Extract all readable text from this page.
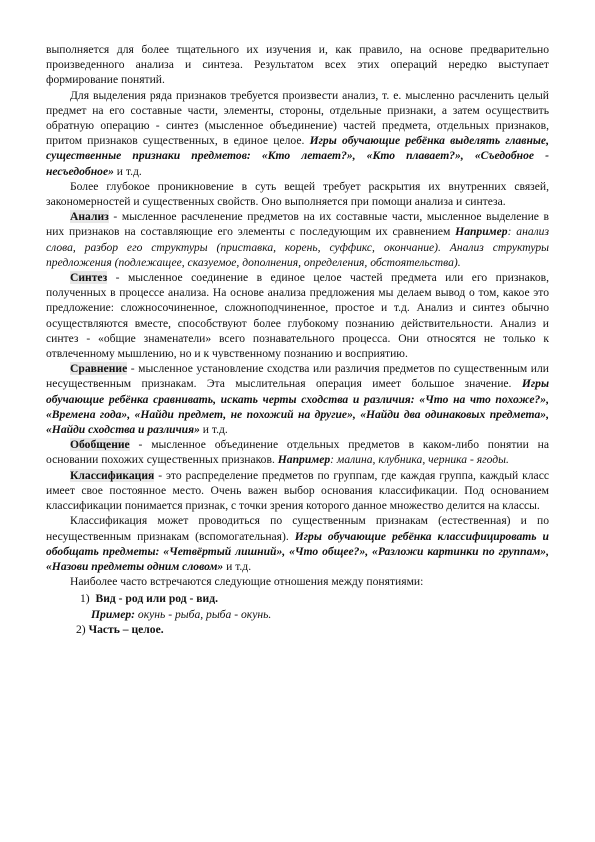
выполняется для более тщательного их изучения и, как правило, на основе предварительно произведенного анализа и синтеза. Результатом всех этих операций нередко выступает формирование понятий.

Для выделения ряда признаков требуется произвести анализ, т. е. мысленно расчленить целый предмет на его составные части, элементы, стороны, отдельные признаки, а затем осуществить обратную операцию - синтез (мысленное объединение) частей предмета, отдельных признаков, притом признаков существенных, в единое целое. Игры обучающие ребёнка выделять главные, существенные признаки предметов: «Кто летает?», «Кто плавает?», «Съедобное - несъедобное» и т.д.

Более глубокое проникновение в суть вещей требует раскрытия их внутренних связей, закономерностей и существенных свойств. Оно выполняется при помощи анализа и синтеза.

Анализ - мысленное расчленение предметов на их составные части, мысленное выделение в них признаков на составляющие его элементы с последующим их сравнением Например: анализ слова, разбор его структуры (приставка, корень, суффикс, окончание). Анализ структуры предложения (подлежащее, сказуемое, дополнения, определения, обстоятельства).

Синтез - мысленное соединение в единое целое частей предмета или его признаков, полученных в процессе анализа. На основе анализа предложения мы делаем вывод о том, какое это предложение: сложносочиненное, сложноподчиненное, простое и т.д. Анализ и синтез обычно осуществляются вместе, способствуют более глубокому познанию действительности. Анализ и синтез - «общие знаменатели» всего познавательного процесса. Они относятся не только к отвлеченному мышлению, но и к чувственному познанию и восприятию.

Сравнение - мысленное установление сходства или различия предметов по существенным или несущественным признакам. Эта мыслительная операция имеет большое значение. Игры обучающие ребёнка сравнивать, искать черты сходства и различия: «Что на что похоже?», «Времена года», «Найди предмет, не похожий на другие», «Найди два одинаковых предмета», «Найди сходства и различия» и т.д.

Обобщение - мысленное объединение отдельных предметов в каком-либо понятии на основании похожих существенных признаков. Например: малина, клубника, черника - ягоды.

Классификация - это распределение предметов по группам, где каждая группа, каждый класс имеет свое постоянное место. Очень важен выбор основания классификации. Под основанием классификации понимается признак, с точки зрения которого данное множество делится на классы.

Классификация может проводиться по существенным признакам (естественная) и по несущественным признакам (вспомогательная). Игры обучающие ребёнка классифицировать и обобщать предметы: «Четвёртый лишний», «Что общее?», «Разложи картинки по группам», «Назови предметы одним словом» и т.д.

Наиболее часто встречаются следующие отношения между понятиями:

1) Вид - род или род - вид.

Пример: окунь - рыба, рыба - окунь.

2) Часть – целое.
